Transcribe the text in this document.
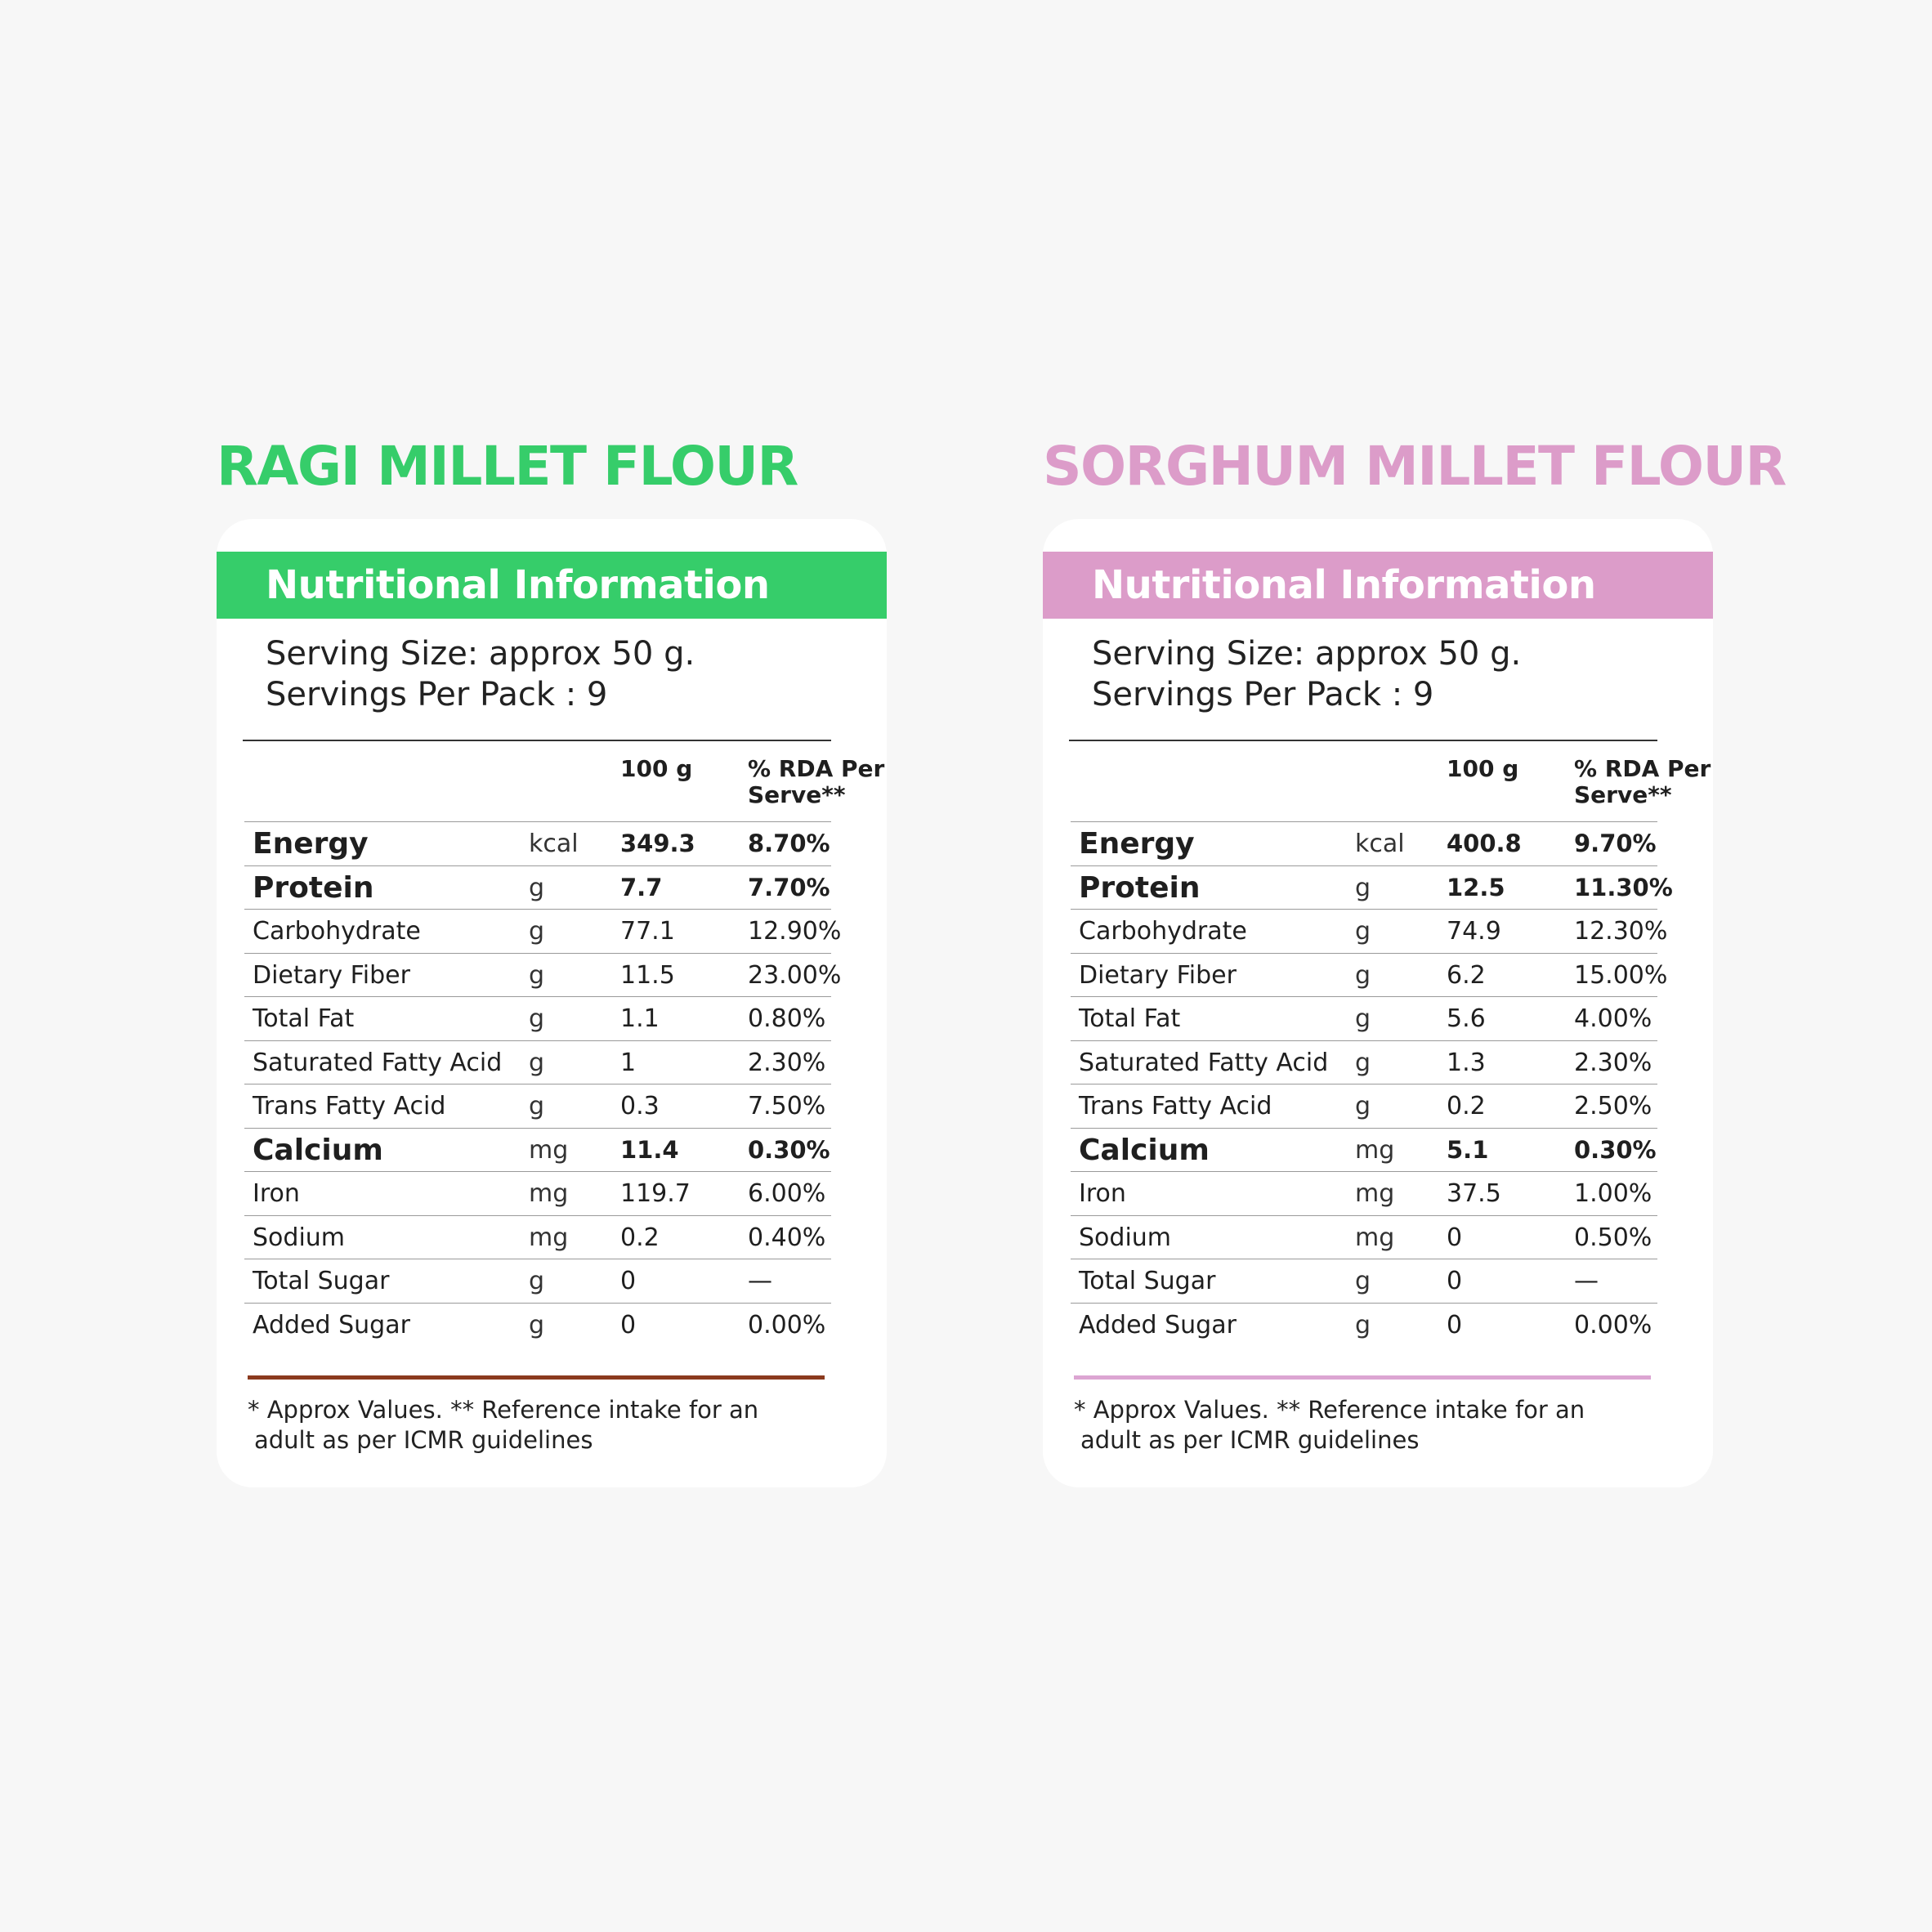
RAGI MILLET FLOUR
Nutritional Information
Serving Size: approx 50 g.
Servings Per Pack : 9
100 g % RDA Per
Serve**
Energy	kcal 349.3 8.70%
Protein	g	7.7	7.70%
Carbohydrate	g	77.1	12.90%
Dietary Fiber	g	11.5	23.00%
Total Fat	g	1.1	0.80%
Saturated Fatty Acid g	1	2.30%
Trans Fatty Acid	g	0.3	7.50%
Calcium	mg 11.4	0.30%
Iron	mg 119.7 6.00%
Sodium	mg 0.2	0.40%
Total Sugar	g	0	—
Added Sugar	g	0	0.00%
* Approx Values. ** Reference intake for an
adult as per ICMR guidelines
SORGHUM MILLET FLOUR
Nutritional Information
Serving Size: approx 50 g.
Servings Per Pack : 9
100 g % RDA Per
Serve**
Energy	kcal 400.8 9.70%
Protein	g	12.5	11.30%
Carbohydrate	g	74.9	12.30%
Dietary Fiber	g	6.2	15.00%
Total Fat	g	5.6	4.00%
Saturated Fatty Acid g	1.3	2.30%
Trans Fatty Acid	g	0.2	2.50%
Calcium	mg 5.1	0.30%
Iron	mg 37.5	1.00%
Sodium	mg 0	0.50%
Total Sugar	g	0	—
Added Sugar	g	0	0.00%
* Approx Values. ** Reference intake for an
adult as per ICMR guidelines
